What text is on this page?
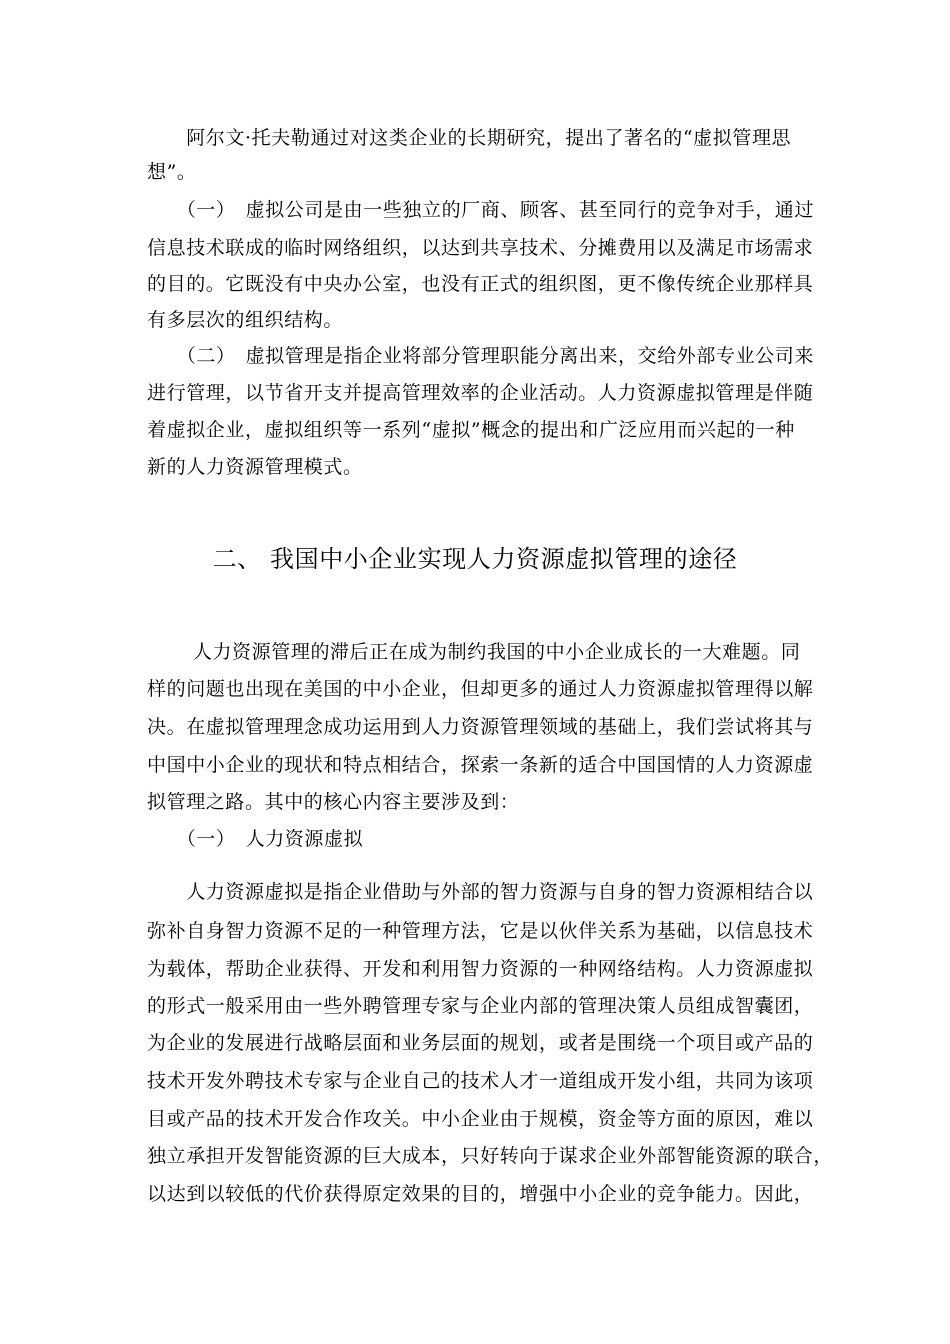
　　阿尔文·托夫勒通过对这类企业的长期研究，提出了著名的“虚拟管理思
想”。
　　（一）　虚拟公司是由一些独立的厂商、顾客、甚至同行的竞争对手，通过
信息技术联成的临时网络组织，以达到共享技术、分摊费用以及满足市场需求
的目的。它既没有中央办公室，也没有正式的组织图，更不像传统企业那样具
有多层次的组织结构。
　　（二）　虚拟管理是指企业将部分管理职能分离出来，交给外部专业公司来
进行管理，以节省开支并提高管理效率的企业活动。人力资源虚拟管理是伴随
着虚拟企业，虚拟组织等一系列“虚拟”概念的提出和广泛应用而兴起的一种
新的人力资源管理模式。
二、 我国中小企业实现人力资源虚拟管理的途径
　　 人力资源管理的滞后正在成为制约我国的中小企业成长的一大难题。同
样的问题也出现在美国的中小企业，但却更多的通过人力资源虚拟管理得以解
决。在虚拟管理理念成功运用到人力资源管理领域的基础上，我们尝试将其与
中国中小企业的现状和特点相结合，探索一条新的适合中国国情的人力资源虚
拟管理之路。其中的核心内容主要涉及到：
　　（一）　人力资源虚拟
　　人力资源虚拟是指企业借助与外部的智力资源与自身的智力资源相结合以
弥补自身智力资源不足的一种管理方法，它是以伙伴关系为基础，以信息技术
为载体，帮助企业获得、开发和利用智力资源的一种网络结构。人力资源虚拟
的形式一般采用由一些外聘管理专家与企业内部的管理决策人员组成智囊团，
为企业的发展进行战略层面和业务层面的规划，或者是围绕一个项目或产品的
技术开发外聘技术专家与企业自己的技术人才一道组成开发小组，共同为该项
目或产品的技术开发合作攻关。中小企业由于规模，资金等方面的原因，难以
独立承担开发智能资源的巨大成本，只好转向于谋求企业外部智能资源的联合，
以达到以较低的代价获得原定效果的目的，增强中小企业的竞争能力。因此，
